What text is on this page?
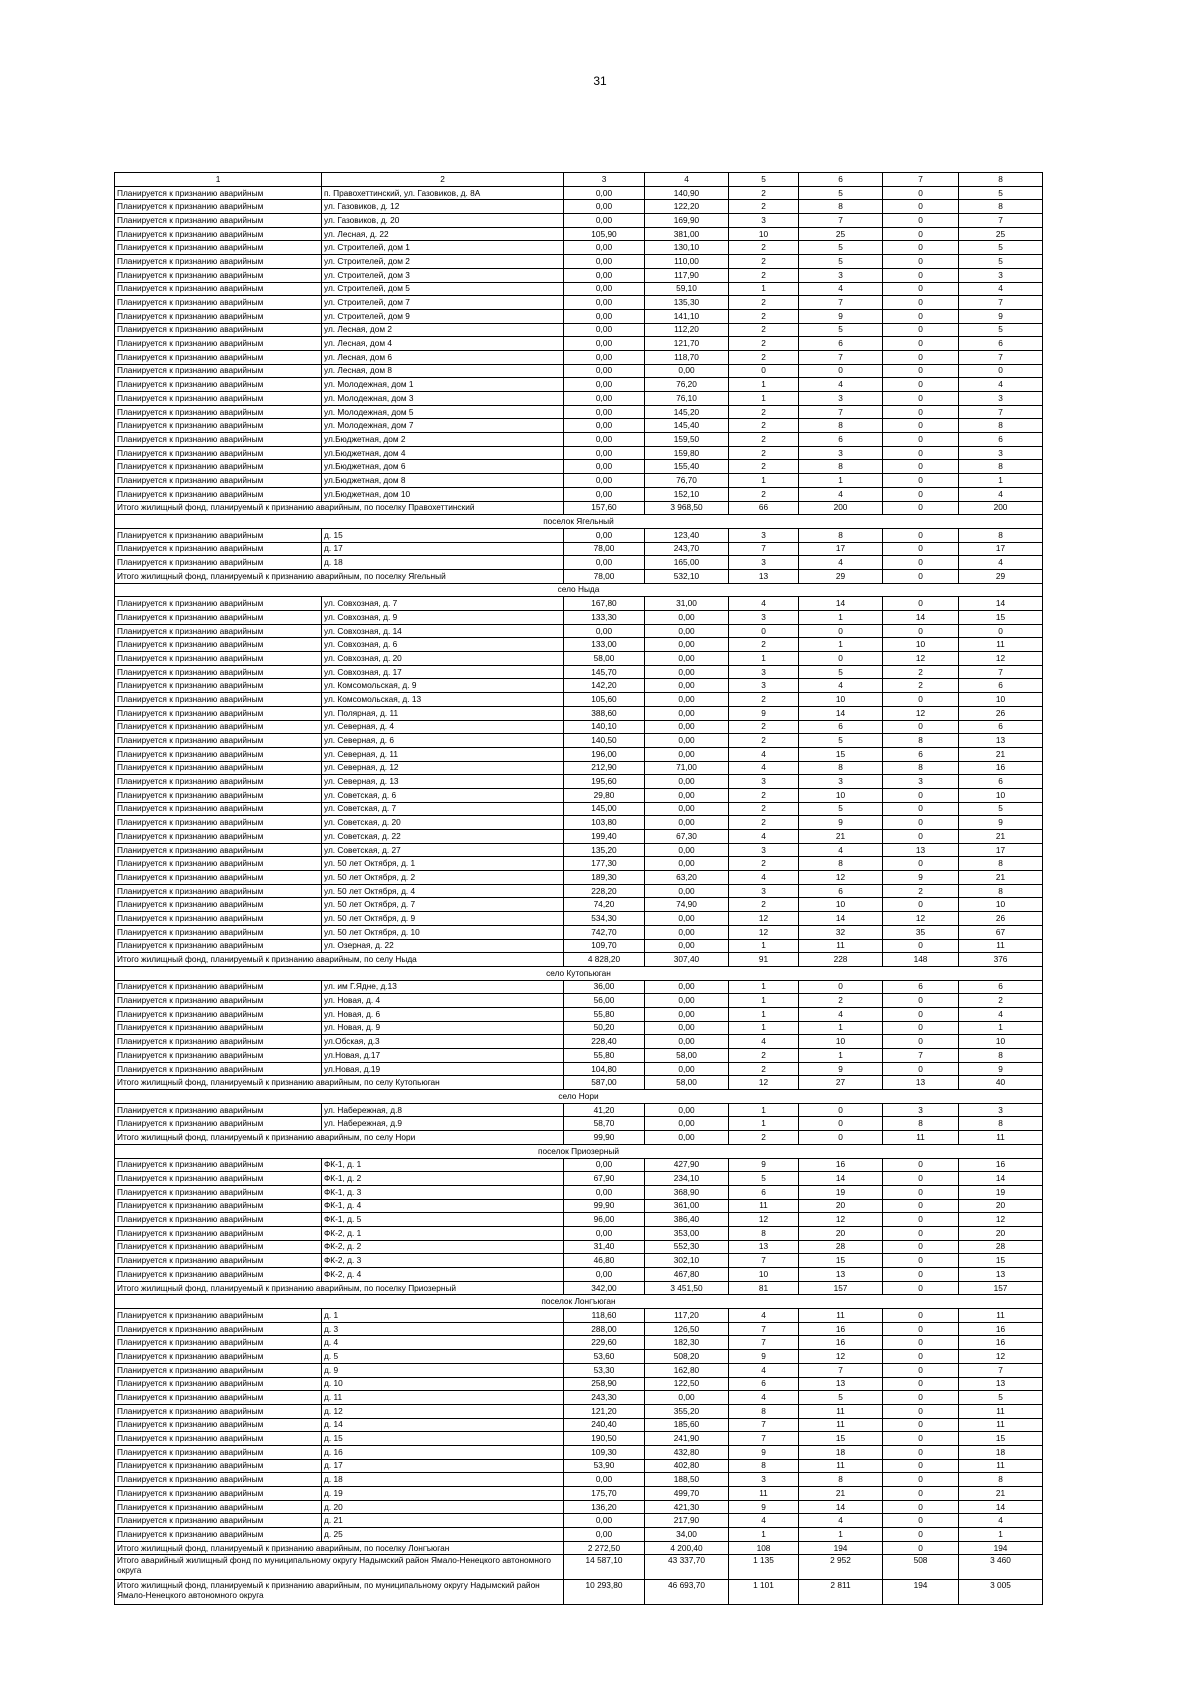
31
1	2	3	4	5	6	7	8
Планируется к признанию аварийным	п. Правохеттинский, ул. Газовиков, д. 8А	0,00	140,90	2	5	0	5
Планируется к признанию аварийным	ул. Газовиков, д. 12	0,00	122,20	2	8	0	8
Планируется к признанию аварийным	ул. Газовиков, д. 20	0,00	169,90	3	7	0	7
Планируется к признанию аварийным	ул. Лесная, д. 22	105,90	381,00	10	25	0	25
Планируется к признанию аварийным	ул. Строителей, дом 1	0,00	130,10	2	5	0	5
Планируется к признанию аварийным	ул. Строителей, дом 2	0,00	110,00	2	5	0	5
Планируется к признанию аварийным	ул. Строителей, дом 3	0,00	117,90	2	3	0	3
Планируется к признанию аварийным	ул. Строителей, дом 5	0,00	59,10	1	4	0	4
Планируется к признанию аварийным	ул. Строителей, дом 7	0,00	135,30	2	7	0	7
Планируется к признанию аварийным	ул. Строителей, дом 9	0,00	141,10	2	9	0	9
Планируется к признанию аварийным	ул. Лесная, дом 2	0,00	112,20	2	5	0	5
Планируется к признанию аварийным	ул. Лесная, дом 4	0,00	121,70	2	6	0	6
Планируется к признанию аварийным	ул. Лесная, дом 6	0,00	118,70	2	7	0	7
Планируется к признанию аварийным	ул. Лесная, дом 8	0,00	0,00	0	0	0	0
Планируется к признанию аварийным	ул. Молодежная, дом 1	0,00	76,20	1	4	0	4
Планируется к признанию аварийным	ул. Молодежная, дом 3	0,00	76,10	1	3	0	3
Планируется к признанию аварийным	ул. Молодежная, дом 5	0,00	145,20	2	7	0	7
Планируется к признанию аварийным	ул. Молодежная, дом 7	0,00	145,40	2	8	0	8
Планируется к признанию аварийным	ул.Бюджетная, дом 2	0,00	159,50	2	6	0	6
Планируется к признанию аварийным	ул.Бюджетная, дом 4	0,00	159,80	2	3	0	3
Планируется к признанию аварийным	ул.Бюджетная, дом 6	0,00	155,40	2	8	0	8
Планируется к признанию аварийным	ул.Бюджетная, дом 8	0,00	76,70	1	1	0	1
Планируется к признанию аварийным	ул.Бюджетная, дом 10	0,00	152,10	2	4	0	4
Итого жилищный фонд, планируемый к признанию аварийным, по поселку Правохеттинский		157,60	3 968,50	66	200	0	200
поселок Ягельный							
Планируется к признанию аварийным	д. 15	0,00	123,40	3	8	0	8
Планируется к признанию аварийным	д. 17	78,00	243,70	7	17	0	17
Планируется к признанию аварийным	д. 18	0,00	165,00	3	4	0	4
Итого жилищный фонд, планируемый к признанию аварийным, по поселку Ягельный		78,00	532,10	13	29	0	29
село Ныда							
Планируется к признанию аварийным	ул. Совхозная, д. 7	167,80	31,00	4	14	0	14
Планируется к признанию аварийным	ул. Совхозная, д. 9	133,30	0,00	3	1	14	15
Планируется к признанию аварийным	ул. Совхозная, д. 14	0,00	0,00	0	0	0	0
Планируется к признанию аварийным	ул. Совхозная, д. 6	133,00	0,00	2	1	10	11
Планируется к признанию аварийным	ул. Совхозная, д. 20	58,00	0,00	1	0	12	12
Планируется к признанию аварийным	ул. Совхозная, д. 17	145,70	0,00	3	5	2	7
Планируется к признанию аварийным	ул. Комсомольская, д. 9	142,20	0,00	3	4	2	6
Планируется к признанию аварийным	ул. Комсомольская, д. 13	105,60	0,00	2	10	0	10
Планируется к признанию аварийным	ул. Полярная, д. 11	388,60	0,00	9	14	12	26
Планируется к признанию аварийным	ул. Северная, д. 4	140,10	0,00	2	6	0	6
Планируется к признанию аварийным	ул. Северная, д. 6	140,50	0,00	2	5	8	13
Планируется к признанию аварийным	ул. Северная, д. 11	196,00	0,00	4	15	6	21
Планируется к признанию аварийным	ул. Северная, д. 12	212,90	71,00	4	8	8	16
Планируется к признанию аварийным	ул. Северная, д. 13	195,60	0,00	3	3	3	6
Планируется к признанию аварийным	ул. Советская, д. 6	29,80	0,00	2	10	0	10
Планируется к признанию аварийным	ул. Советская, д. 7	145,00	0,00	2	5	0	5
Планируется к признанию аварийным	ул. Советская, д. 20	103,80	0,00	2	9	0	9
Планируется к признанию аварийным	ул. Советская, д. 22	199,40	67,30	4	21	0	21
Планируется к признанию аварийным	ул. Советская, д. 27	135,20	0,00	3	4	13	17
Планируется к признанию аварийным	ул. 50 лет Октября, д. 1	177,30	0,00	2	8	0	8
Планируется к признанию аварийным	ул. 50 лет Октября, д. 2	189,30	63,20	4	12	9	21
Планируется к признанию аварийным	ул. 50 лет Октября, д. 4	228,20	0,00	3	6	2	8
Планируется к признанию аварийным	ул. 50 лет Октября, д. 7	74,20	74,90	2	10	0	10
Планируется к признанию аварийным	ул. 50 лет Октября, д. 9	534,30	0,00	12	14	12	26
Планируется к признанию аварийным	ул. 50 лет Октября, д. 10	742,70	0,00	12	32	35	67
Планируется к признанию аварийным	ул. Озерная, д. 22	109,70	0,00	1	11	0	11
Итого жилищный фонд, планируемый к признанию аварийным, по селу Ныда		4 828,20	307,40	91	228	148	376
село Кутопьюган							
Планируется к признанию аварийным	ул. им Г.Ядне, д.13	36,00	0,00	1	0	6	6
Планируется к признанию аварийным	ул. Новая, д. 4	56,00	0,00	1	2	0	2
Планируется к признанию аварийным	ул. Новая, д. 6	55,80	0,00	1	4	0	4
Планируется к признанию аварийным	ул. Новая, д. 9	50,20	0,00	1	1	0	1
Планируется к признанию аварийным	ул.Обская, д.3	228,40	0,00	4	10	0	10
Планируется к признанию аварийным	ул.Новая, д.17	55,80	58,00	2	1	7	8
Планируется к признанию аварийным	ул.Новая, д.19	104,80	0,00	2	9	0	9
Итого жилищный фонд, планируемый к признанию аварийным, по селу Кутопьюган		587,00	58,00	12	27	13	40
село Нори							
Планируется к признанию аварийным	ул. Набережная, д.8	41,20	0,00	1	0	3	3
Планируется к признанию аварийным	ул. Набережная, д.9	58,70	0,00	1	0	8	8
Итого жилищный фонд, планируемый к признанию аварийным, по селу Нори		99,90	0,00	2	0	11	11
поселок Приозерный							
Планируется к признанию аварийным	ФК-1, д. 1	0,00	427,90	9	16	0	16
Планируется к признанию аварийным	ФК-1, д. 2	67,90	234,10	5	14	0	14
Планируется к признанию аварийным	ФК-1, д. 3	0,00	368,90	6	19	0	19
Планируется к признанию аварийным	ФК-1, д. 4	99,90	361,00	11	20	0	20
Планируется к признанию аварийным	ФК-1, д. 5	96,00	386,40	12	12	0	12
Планируется к признанию аварийным	ФК-2, д. 1	0,00	353,00	8	20	0	20
Планируется к признанию аварийным	ФК-2, д. 2	31,40	552,30	13	28	0	28
Планируется к признанию аварийным	ФК-2, д. 3	46,80	302,10	7	15	0	15
Планируется к признанию аварийным	ФК-2, д. 4	0,00	467,80	10	13	0	13
Итого жилищный фонд, планируемый к признанию аварийным, по поселку Приозерный		342,00	3 451,50	81	157	0	157
поселок Лонгъюган							
Планируется к признанию аварийным	д. 1	118,60	117,20	4	11	0	11
Планируется к признанию аварийным	д. 3	288,00	126,50	7	16	0	16
Планируется к признанию аварийным	д. 4	229,60	182,30	7	16	0	16
Планируется к признанию аварийным	д. 5	53,60	508,20	9	12	0	12
Планируется к признанию аварийным	д. 9	53,30	162,80	4	7	0	7
Планируется к признанию аварийным	д. 10	258,90	122,50	6	13	0	13
Планируется к признанию аварийным	д. 11	243,30	0,00	4	5	0	5
Планируется к признанию аварийным	д. 12	121,20	355,20	8	11	0	11
Планируется к признанию аварийным	д. 14	240,40	185,60	7	11	0	11
Планируется к признанию аварийным	д. 15	190,50	241,90	7	15	0	15
Планируется к признанию аварийным	д. 16	109,30	432,80	9	18	0	18
Планируется к признанию аварийным	д. 17	53,90	402,80	8	11	0	11
Планируется к признанию аварийным	д. 18	0,00	188,50	3	8	0	8
Планируется к признанию аварийным	д. 19	175,70	499,70	11	21	0	21
Планируется к признанию аварийным	д. 20	136,20	421,30	9	14	0	14
Планируется к признанию аварийным	д. 21	0,00	217,90	4	4	0	4
Планируется к признанию аварийным	д. 25	0,00	34,00	1	1	0	1
Итого жилищный фонд, планируемый к признанию аварийным, по поселку Лонгъюган		2 272,50	4 200,40	108	194	0	194
Итого аварийный жилищный фонд по муниципальному округу Надымский район Ямало-Ненецкого автономного округа		14 587,10	43 337,70	1 135	2 952	508	3 460
Итого жилищный фонд, планируемый к признанию аварийным, по муниципальному округу Надымский район Ямало-Ненецкого автономного округа		10 293,80	46 693,70	1 101	2 811	194	3 005
